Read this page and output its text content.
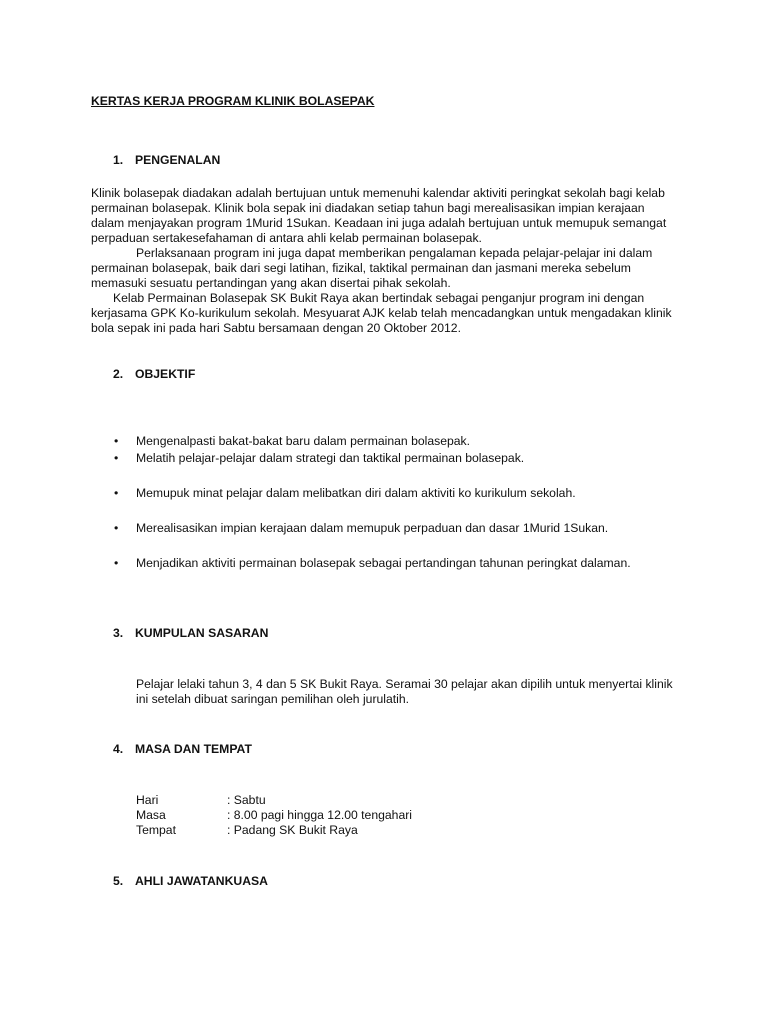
KERTAS KERJA PROGRAM KLINIK BOLASEPAK
1. PENGENALAN
Klinik bolasepak diadakan adalah bertujuan untuk memenuhi kalendar aktiviti peringkat sekolah bagi kelab
permainan bolasepak. Klinik bola sepak ini diadakan setiap tahun bagi merealisasikan impian kerajaan
dalam menjayakan program 1Murid 1Sukan. Keadaan ini juga adalah bertujuan untuk memupuk semangat
perpaduan sertakesefahaman di antara ahli kelab permainan bolasepak.
Perlaksanaan program ini juga dapat memberikan pengalaman kepada pelajar-pelajar ini dalam
permainan bolasepak, baik dari segi latihan, fizikal, taktikal permainan dan jasmani mereka sebelum
memasuki sesuatu pertandingan yang akan disertai pihak sekolah.
Kelab Permainan Bolasepak SK Bukit Raya akan bertindak sebagai penganjur program ini dengan
kerjasama GPK Ko-kurikulum sekolah. Mesyuarat AJK kelab telah mencadangkan untuk mengadakan klinik
bola sepak ini pada hari Sabtu bersamaan dengan 20 Oktober 2012.
2. OBJEKTIF
• Mengenalpasti bakat-bakat baru dalam permainan bolasepak.
• Melatih pelajar-pelajar dalam strategi dan taktikal permainan bolasepak.
• Memupuk minat pelajar dalam melibatkan diri dalam aktiviti ko kurikulum sekolah.
• Merealisasikan impian kerajaan dalam memupuk perpaduan dan dasar 1Murid 1Sukan.
• Menjadikan aktiviti permainan bolasepak sebagai pertandingan tahunan peringkat dalaman.
3. KUMPULAN SASARAN
Pelajar lelaki tahun 3, 4 dan 5 SK Bukit Raya. Seramai 30 pelajar akan dipilih untuk menyertai klinik
ini setelah dibuat saringan pemilihan oleh jurulatih.
4. MASA DAN TEMPAT
Hari	: Sabtu
Masa	: 8.00 pagi hingga 12.00 tengahari
Tempat	: Padang SK Bukit Raya
5. AHLI JAWATANKUASA
